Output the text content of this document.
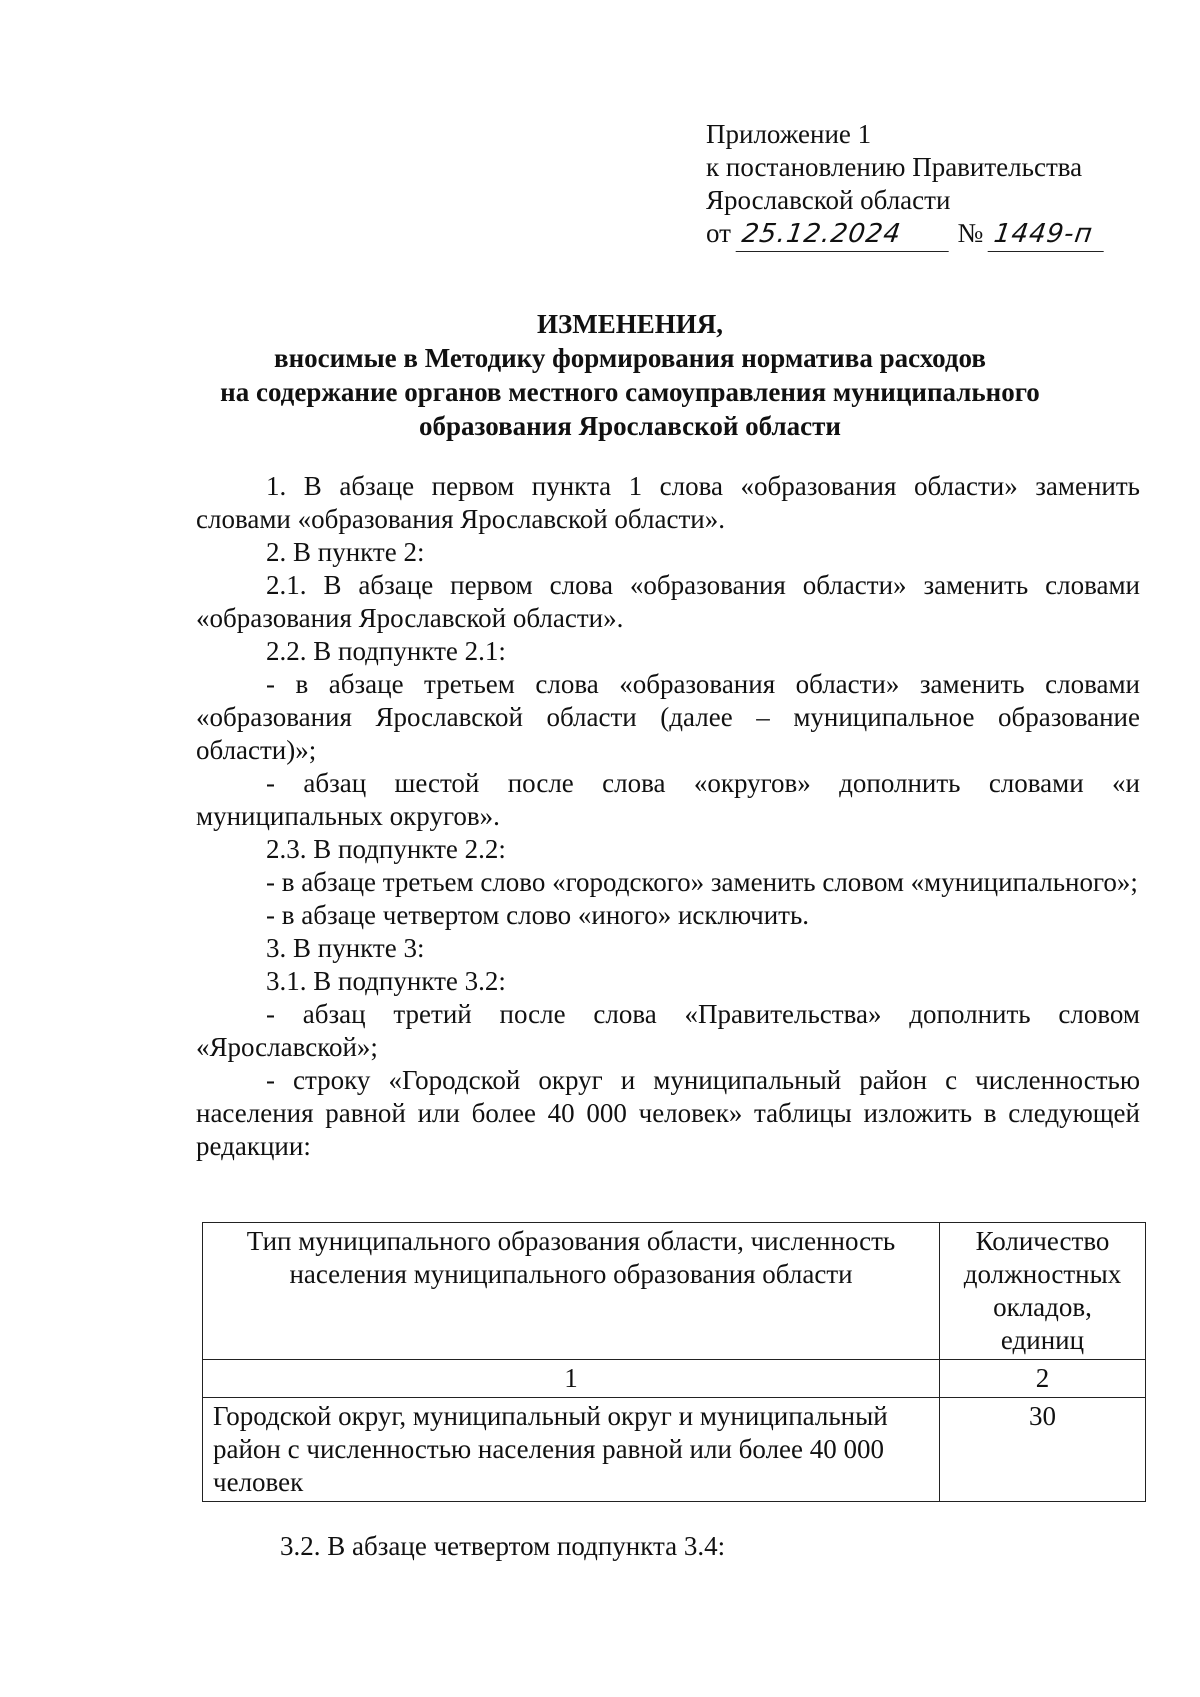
Приложение 1
к постановлению Правительства
Ярославской области
от 25.12.2024 № 1449-п
ИЗМЕНЕНИЯ,
вносимые в Методику формирования норматива расходов
на содержание органов местного самоуправления муниципального
образования Ярославской области

1. В абзаце первом пункта 1 слова «образования области» заменить словами «образования Ярославской области».

2. В пункте 2:

2.1. В абзаце первом слова «образования области» заменить словами «образования Ярославской области».

2.2. В подпункте 2.1:

- в абзаце третьем слова «образования области» заменить словами «образования Ярославской области (далее – муниципальное образование области)»;

- абзац шестой после слова «округов» дополнить словами «и муниципальных округов».

2.3. В подпункте 2.2:

- в абзаце третьем слово «городского» заменить словом «муниципального»;

- в абзаце четвертом слово «иного» исключить.

3. В пункте 3:

3.1. В подпункте 3.2:

- абзац третий после слова «Правительства» дополнить словом «Ярославской»;

- строку «Городской округ и муниципальный район с численностью населения равной или более 40 000 человек» таблицы изложить в следующей редакции:

Тип муниципального образования области, численность населения муниципального образования области	Количество должностных окладов, единиц
1	2
Городской округ, муниципальный округ и муниципальный район с численностью населения равной или более 40 000 человек	30
3.2. В абзаце четвертом подпункта 3.4:
